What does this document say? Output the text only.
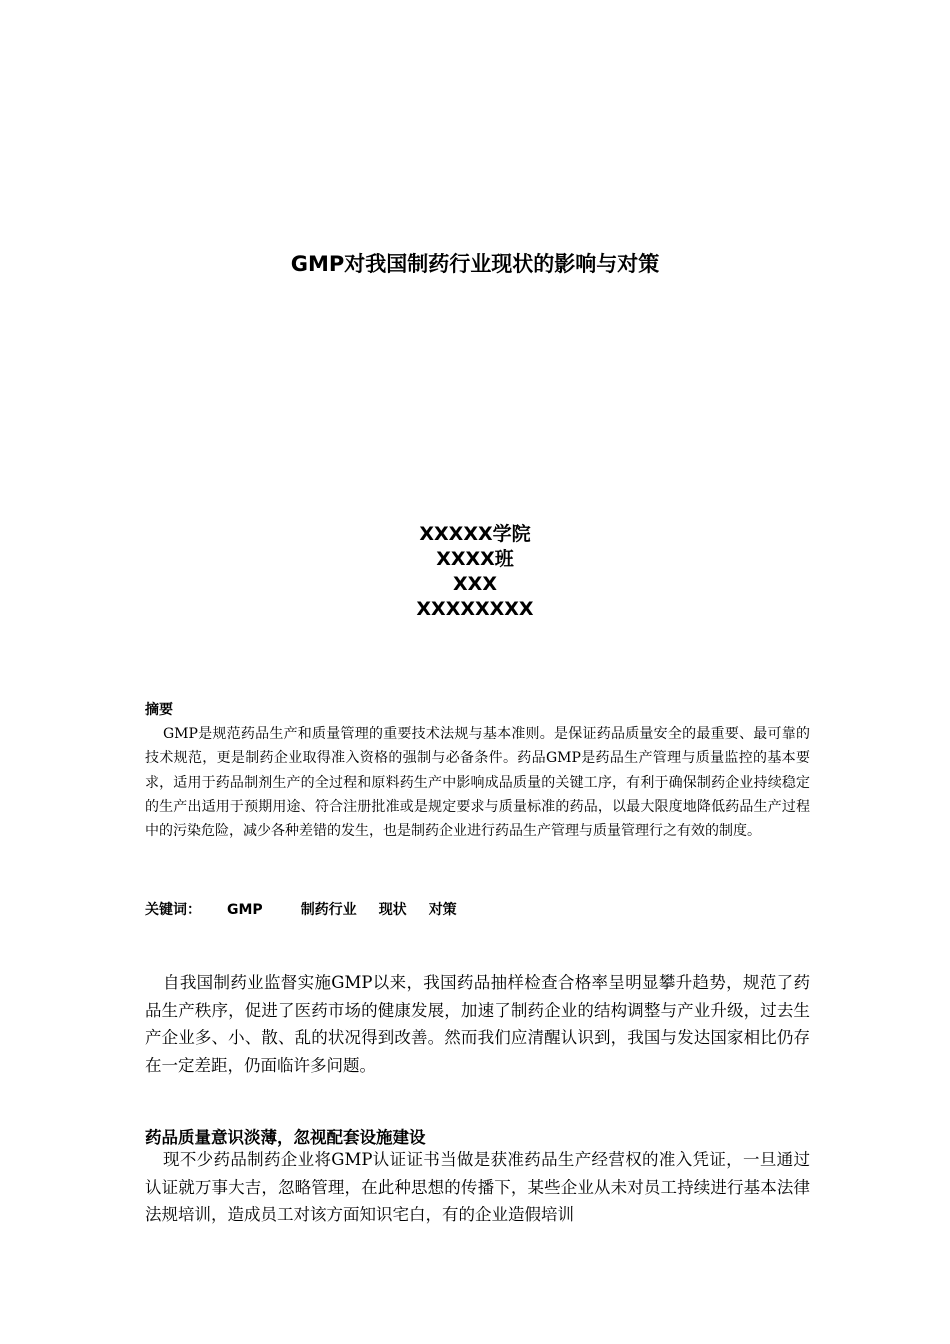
GMP对我国制药行业现状的影响与对策
XXXXX学院
XXXX班
XXX
XXXXXXXX
摘要
GMP是规范药品生产和质量管理的重要技术法规与基本准则。是保证药品质量安全的最重要、最可靠的技术规范，更是制药企业取得准入资格的强制与必备条件。药品GMP是药品生产管理与质量监控的基本要求，适用于药品制剂生产的全过程和原料药生产中影响成品质量的关键工序，有利于确保制药企业持续稳定的生产出适用于预期用途、符合注册批准或是规定要求与质量标准的药品，以最大限度地降低药品生产过程中的污染危险，减少各种差错的发生，也是制药企业进行药品生产管理与质量管理行之有效的制度。
关键词： GMP	制药行业 现状 对策
自我国制药业监督实施GMP以来，我国药品抽样检查合格率呈明显攀升趋势，规范了药品生产秩序，促进了医药市场的健康发展，加速了制药企业的结构调整与产业升级，过去生产企业多、小、散、乱的状况得到改善。然而我们应清醒认识到，我国与发达国家相比仍存在一定差距，仍面临许多问题。
药品质量意识淡薄，忽视配套设施建设
现不少药品制药企业将GMP认证证书当做是获准药品生产经营权的准入凭证，一旦通过认证就万事大吉，忽略管理，在此种思想的传播下，某些企业从未对员工持续进行基本法律法规培训，造成员工对该方面知识宅白，有的企业造假培训
